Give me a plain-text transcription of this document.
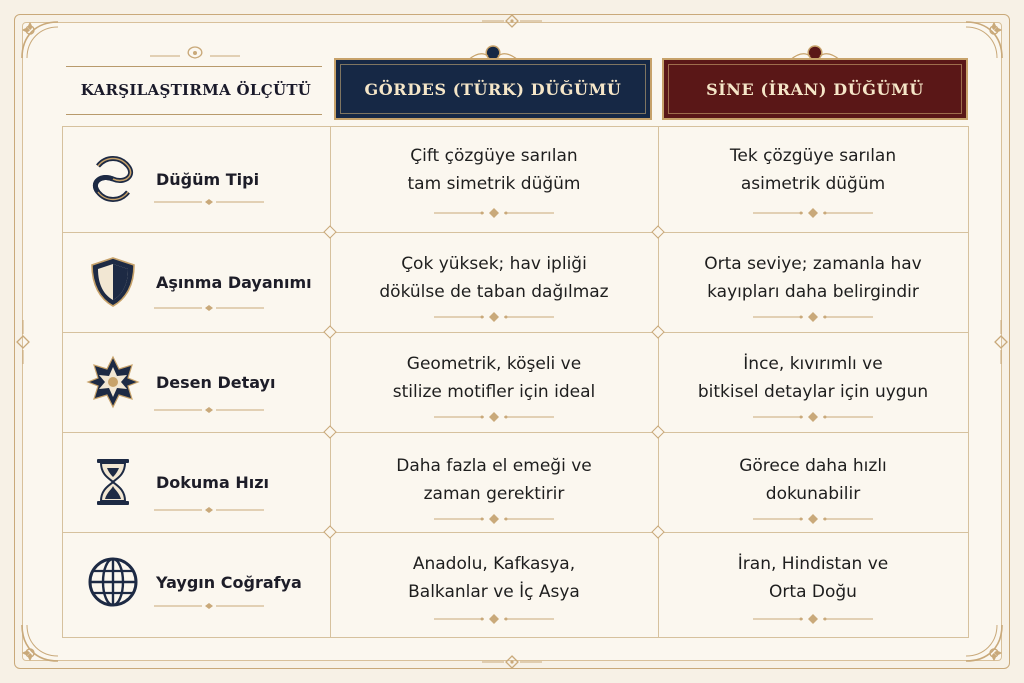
KARŞILAŞTIRMA ÖLÇÜTÜ	GÖRDES (TÜRK) DÜĞÜMÜ	SİNE (İRAN) DÜĞÜMÜ
Düğüm Tipi
Çift çözgüye sarılan
tam simetrik düğüm
Tek çözgüye sarılan
asimetrik düğüm
Aşınma Dayanımı
Çok yüksek; hav ipliği
dökülse de taban dağılmaz
Orta seviye; zamanla hav
kayıpları daha belirgindir
Desen Detayı
Geometrik, köşeli ve
stilize motifler için ideal
İnce, kıvırımlı ve
bitkisel detaylar için uygun
Dokuma Hızı
Daha fazla el emeği ve
zaman gerektirir
Görece daha hızlı
dokunabilir
Yaygın Coğrafya
Anadolu, Kafkasya,
Balkanlar ve İç Asya
İran, Hindistan ve
Orta Doğu
